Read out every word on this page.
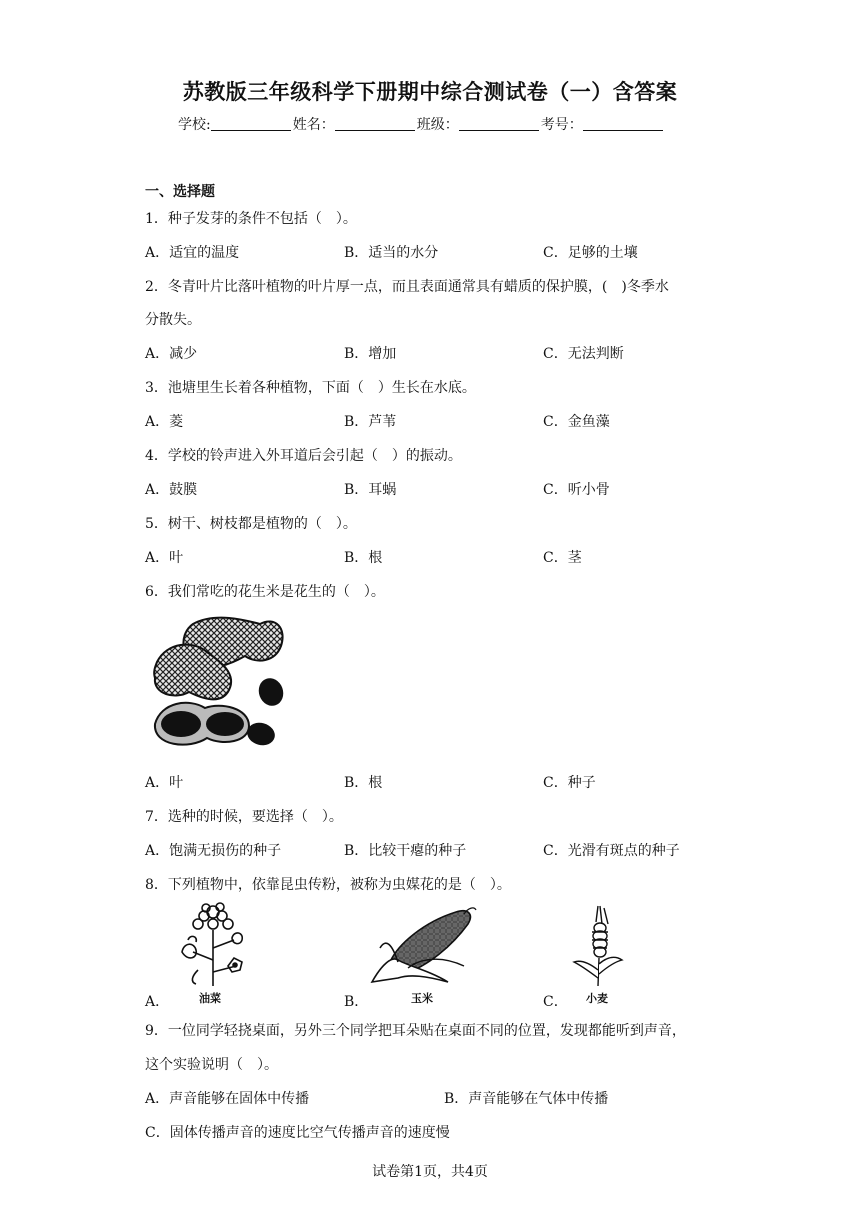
苏教版三年级科学下册期中综合测试卷（一）含答案
学校:	姓名：	班级：	考号：
一、选择题
1．种子发芽的条件不包括（　）。
A．适宜的温度	B．适当的水分	C．足够的土壤
2．冬青叶片比落叶植物的叶片厚一点，而且表面通常具有蜡质的保护膜，(　)冬季水
分散失。
A．减少	B．增加	C．无法判断
3．池塘里生长着各种植物，下面（　）生长在水底。
A．菱	B．芦苇	C．金鱼藻
4．学校的铃声进入外耳道后会引起（　）的振动。
A．鼓膜	B．耳蜗	C．听小骨
5．树干、树枝都是植物的（　）。
A．叶	B．根	C．茎
6．我们常吃的花生米是花生的（　）。
A．叶	B．根	C．种子
7．选种的时候，要选择（　）。
A．饱满无损伤的种子	B．比较干瘪的种子	C．光滑有斑点的种子
8．下列植物中，依靠昆虫传粉，被称为虫媒花的是（　）。
A．	油菜	B．	玉米	C． 小麦
9．一位同学轻挠桌面，另外三个同学把耳朵贴在桌面不同的位置，发现都能听到声音，
这个实验说明（　）。
A．声音能够在固体中传播	B．声音能够在气体中传播
C．固体传播声音的速度比空气传播声音的速度慢
试卷第1页，共4页
